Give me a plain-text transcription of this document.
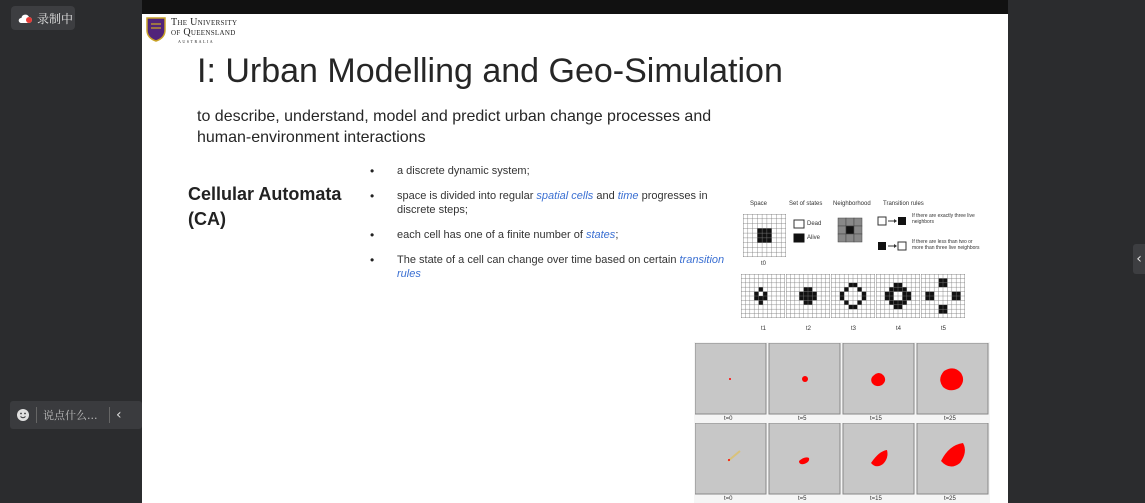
录制中	The University
of Queensland
AUSTRALIA
I: Urban Modelling and Geo-Simulation
to describe, understand, model and predict urban change processes and human-environment interactions
Cellular Automata
(CA)
• a discrete dynamic system;
• space is divided into regular spatial cells and time progresses in discrete steps;
• each cell has one of a finite number of states;
• The state of a cell can change over time based on certain transition rules
Space	Set of states Neighborhood Transition rules
Dead
Alive
If there are exactly three live neighbors
If there are less than two or more than three live neighbors
t0
t1	t2	t3	t4	t5
t=0	t=5	t=15	t=25
t=0	t=5	t=15	t=25
‹
说点什么...	‹
